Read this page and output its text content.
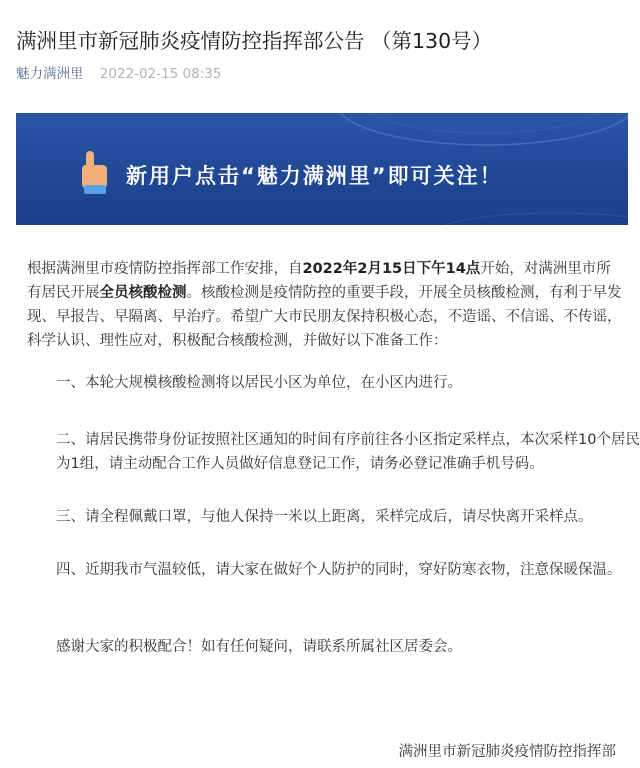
满洲里市新冠肺炎疫情防控指挥部公告 （第130号）
魅力满洲里 2022-02-15 08:35
新用户点击“魅力满洲里”即可关注！

根据满洲里市疫情防控指挥部工作安排，自2022年2月15日下午14点开始，对满洲里市所有居民开展全员核酸检测。核酸检测是疫情防控的重要手段，开展全员核酸检测，有利于早发现、早报告、早隔离、早治疗。希望广大市民朋友保持积极心态，不造谣、不信谣、不传谣，科学认识、理性应对，积极配合核酸检测，并做好以下准备工作：

一、本轮大规模核酸检测将以居民小区为单位，在小区内进行。
二、请居民携带身份证按照社区通知的时间有序前往各小区指定采样点，本次采样10个居民为1组，请主动配合工作人员做好信息登记工作，请务必登记准确手机号码。
三、请全程佩戴口罩，与他人保持一米以上距离，采样完成后，请尽快离开采样点。
四、近期我市气温较低，请大家在做好个人防护的同时，穿好防寒衣物，注意保暖保温。
感谢大家的积极配合！如有任何疑问，请联系所属社区居委会。
满洲里市新冠肺炎疫情防控指挥部
